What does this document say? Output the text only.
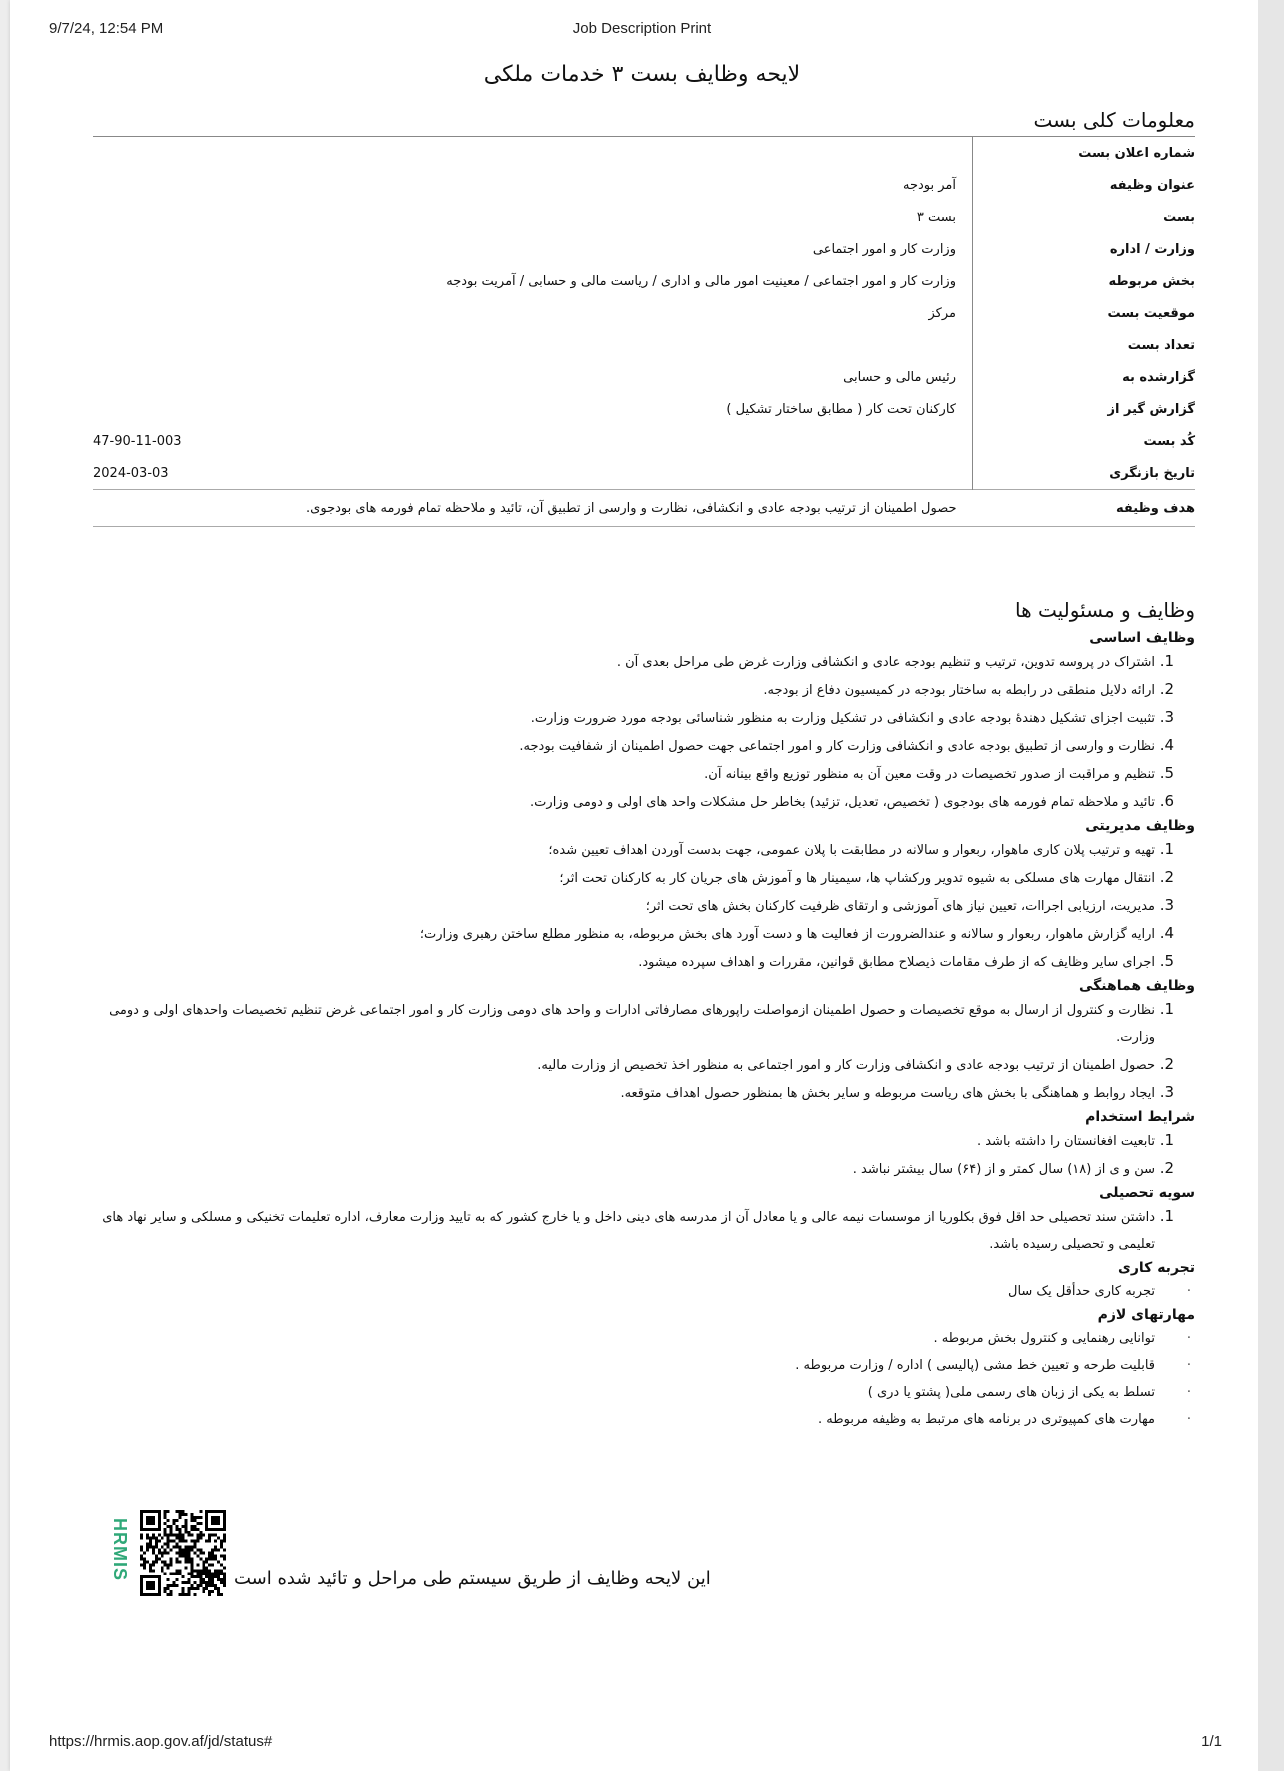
9/7/24, 12:54 PM	Job Description Print
لایحه وظایف بست ۳ خدمات ملکی
معلومات کلی بست
شماره اعلان بست	
عنوان وظیفه	آمر بودجه
بست	بست ۳
وزارت / اداره	وزارت کار و امور اجتماعی
بخش مربوطه	وزارت کار و امور اجتماعی / معینیت امور مالی و اداری / ریاست مالی و حسابی / آمریت بودجه
موقعیت بست	مرکز
تعداد بست	
گزارشده به	رئیس مالی و حسابی
گزارش گیر از	کارکنان تحت کار ( مطابق ساختار تشکیل )
کُد بست	47-90-11-003
تاریخ بازنگری	2024-03-03
هدف وظیفه	حصول اطمینان از ترتیب بودجه عادی و انکشافی، نظارت و وارسی از تطبیق آن، تائید و ملاحظه تمام فورمه های بودجوی.
وظایف و مسئولیت ها
وظایف اساسی
1. اشتراک در پروسه تدوین، ترتیب و تنظیم بودجه عادی و انکشافی وزارت غرض طی مراحل بعدی آن .
2. ارائه دلایل منطقی در رابطه به ساختار بودجه در کمیسیون دفاع از بودجه.
3. تثبیت اجزای تشکیل دهندۀ بودجه عادی و انکشافی در تشکیل وزارت به منظور شناسائی بودجه مورد ضرورت وزارت.
4. نظارت و وارسی از تطبیق بودجه عادی و انکشافی وزارت کار و امور اجتماعی جهت حصول اطمینان از شفافیت بودجه.
5. تنظیم و مراقبت از صدور تخصیصات در وقت معین آن به منظور توزیع واقع بینانه آن.
6. تائید و ملاحظه تمام فورمه های بودجوی ( تخصیص، تعدیل، تزئید) بخاطر حل مشکلات واحد های اولی و دومی وزارت.
وظایف مدیریتی
1. تهیه و ترتیب پلان کاری ماهوار، ربعوار و سالانه در مطابقت با پلان عمومی، جهت بدست آوردن اهداف تعیین شده؛
2. انتقال مهارت های مسلکی به شیوه تدویر ورکشاپ ها، سیمینار ها و آموزش های جریان کار به کارکنان تحت اثر؛
3. مدیریت، ارزیابی اجراات، تعیین نیاز های آموزشی و ارتقای ظرفیت کارکنان بخش های تحت اثر؛
4. ارایه گزارش ماهوار، ربعوار و سالانه و عندالضرورت از فعالیت ها و دست آورد های بخش مربوطه، به منظور مطلع ساختن رهبری وزارت؛
5. اجرای سایر وظایف که از طرف مقامات ذیصلاح مطابق قوانین، مقررات و اهداف سپرده میشود.
وظایف هماهنگی
1. نظارت و کنترول از ارسال به موقع تخصیصات و حصول اطمینان ازمواصلت راپورهای مصارفاتی ادارات و واحد های دومی وزارت کار و امور اجتماعی غرض تنظیم تخصیصات واحدهای اولی و دومی وزارت.
2. حصول اطمینان از ترتیب بودجه عادی و انکشافی وزارت کار و امور اجتماعی به منظور اخذ تخصیص از وزارت مالیه.
3. ایجاد روابط و هماهنگی با بخش های ریاست مربوطه و سایر بخش ها بمنظور حصول اهداف متوقعه.
شرایط استخدام
1. تابعیت افغانستان را داشته باشد .
2. سن و ی از (۱۸) سال کمتر و از (۶۴) سال بیشتر نباشد .
سویه تحصیلی
1. داشتن سند تحصیلی حد اقل فوق بکلوریا از موسسات نیمه عالی و یا معادل آن از مدرسه های دینی داخل و یا خارج کشور که به تایید وزارت معارف، اداره تعلیمات تخنیکی و مسلکی و سایر نهاد های تعلیمی و تحصیلی رسیده باشد.
تجربه کاری
· تجربه کاری حدأقل یک سال
مهارتهای لازم
· توانایی رهنمایی و کنترول بخش مربوطه .
· قابلیت طرحه و تعیین خط مشی (پالیسی ) اداره / وزارت مربوطه .
· تسلط به یکی از زبان های رسمی ملی( پشتو یا دری )
· مهارت های کمپیوتری در برنامه های مرتبط به وظیفه مربوطه .
HRMIS	این لایحه وظایف از طریق سیستم طی مراحل و تائید شده است
https://hrmis.aop.gov.af/jd/status#	1/1
